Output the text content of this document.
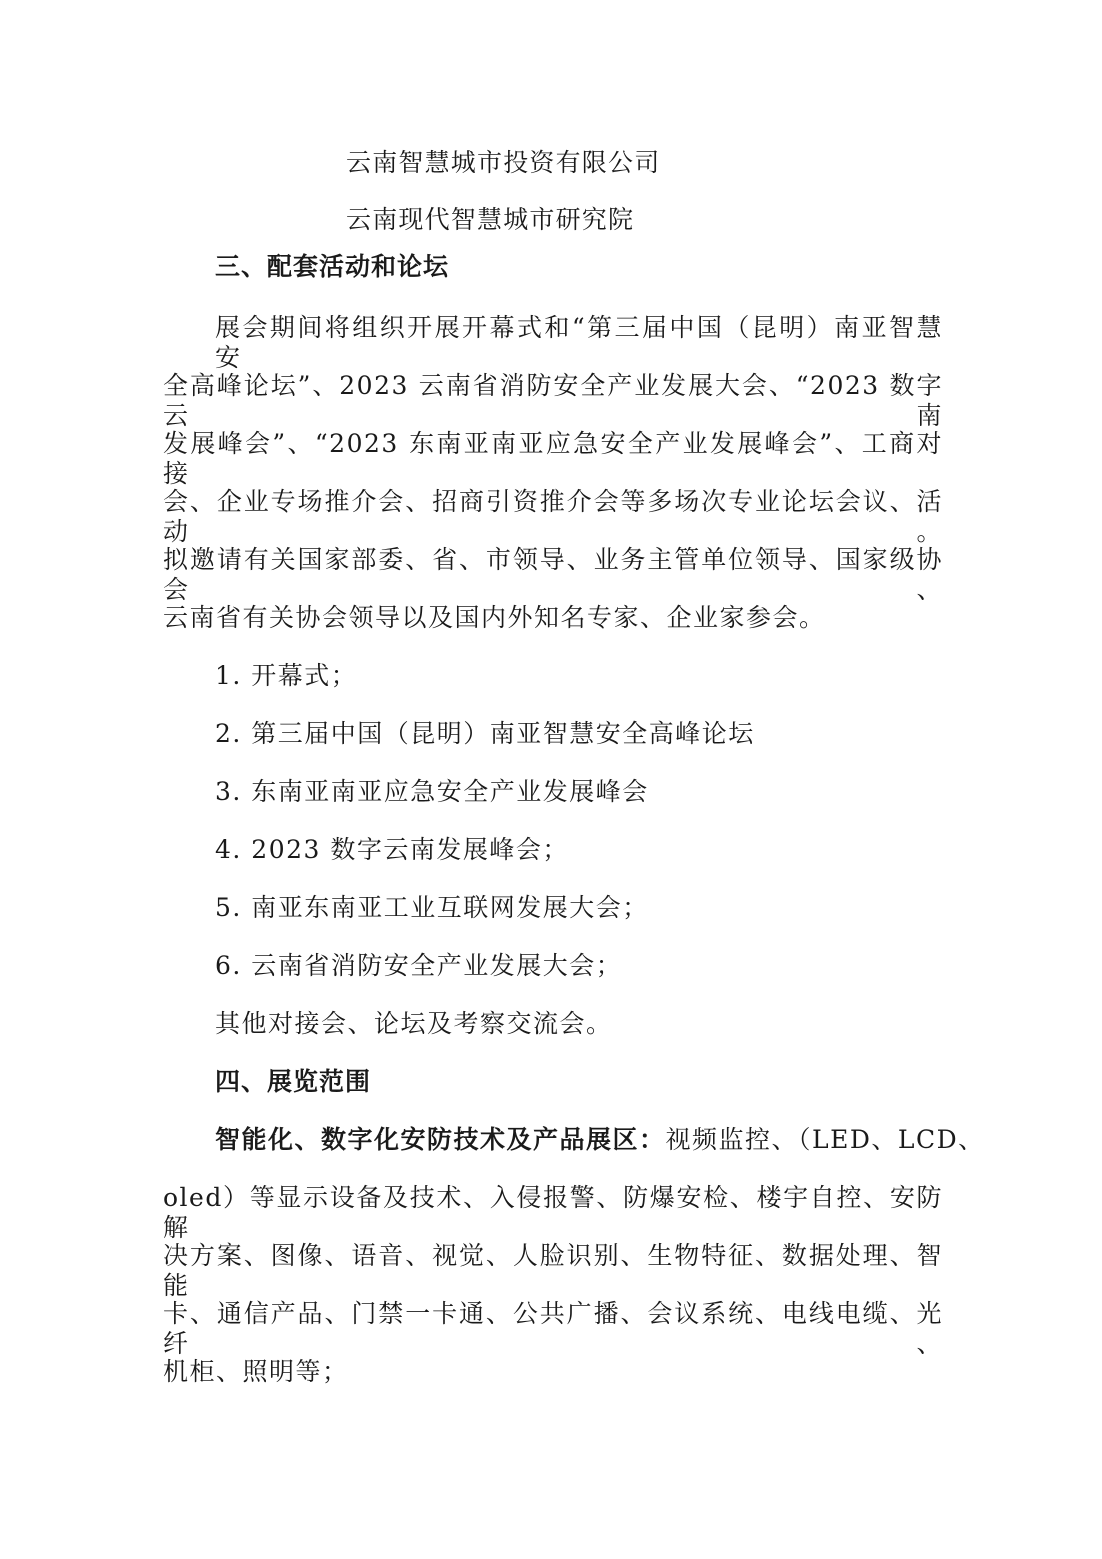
云南智慧城市投资有限公司
云南现代智慧城市研究院
三、配套活动和论坛
展会期间将组织开展开幕式和“第三届中国（昆明）南亚智慧安
全高峰论坛”、2023 云南省消防安全产业发展大会、“2023 数字云南
发展峰会”、“2023 东南亚南亚应急安全产业发展峰会”、工商对接
会、企业专场推介会、招商引资推介会等多场次专业论坛会议、活动。
拟邀请有关国家部委、省、市领导、业务主管单位领导、国家级协会、
云南省有关协会领导以及国内外知名专家、企业家参会。
1. 开幕式；
2. 第三届中国（昆明）南亚智慧安全高峰论坛
3. 东南亚南亚应急安全产业发展峰会
4. 2023 数字云南发展峰会；
5. 南亚东南亚工业互联网发展大会；
6. 云南省消防安全产业发展大会；
其他对接会、论坛及考察交流会。
四、展览范围
智能化、数字化安防技术及产品展区：视频监控、（LED、LCD、
oled）等显示设备及技术、入侵报警、防爆安检、楼宇自控、安防解
决方案、图像、语音、视觉、人脸识别、生物特征、数据处理、智能
卡、通信产品、门禁一卡通、公共广播、会议系统、电线电缆、光纤、
机柜、照明等；
